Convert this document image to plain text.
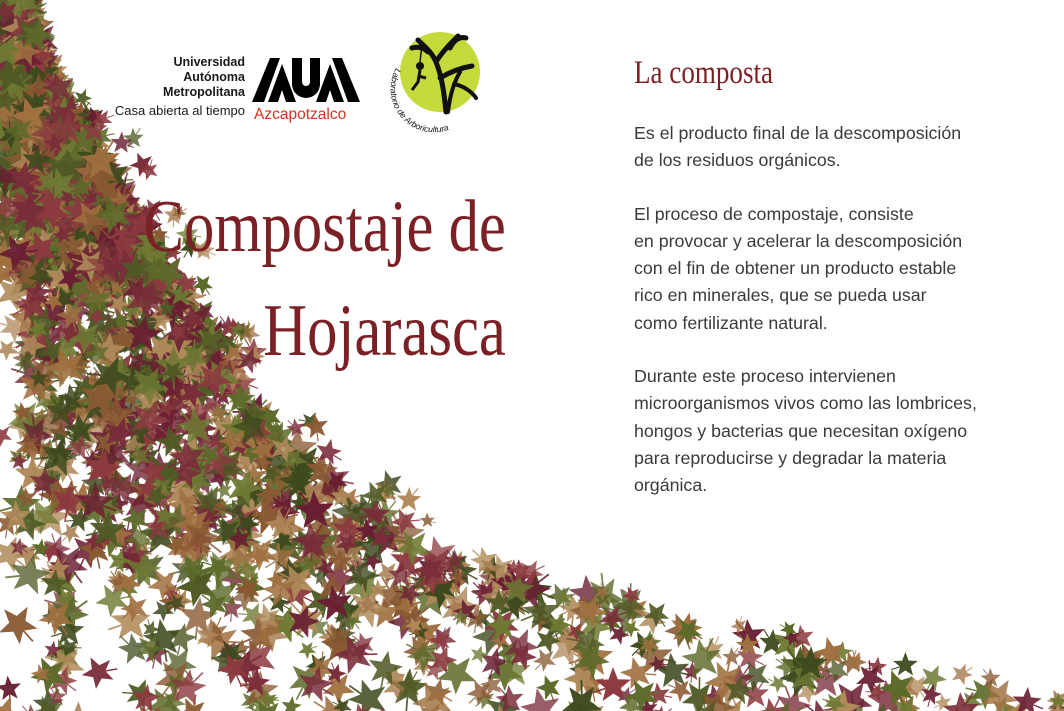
Universidad
Autónoma
Metropolitana
Casa abierta al tiempo Azcapotzalco
Laboratorio de Arboricultura
Compostaje de
Hojarasca
La composta

Es el producto final de la descomposición
de los residuos orgánicos.

El proceso de compostaje, consiste
en provocar y acelerar la descomposición
con el fin de obtener un producto estable
rico en minerales, que se pueda usar
como fertilizante natural.

Durante este proceso intervienen
microorganismos vivos como las lombrices,
hongos y bacterias que necesitan oxígeno
para reproducirse y degradar la materia
orgánica.
